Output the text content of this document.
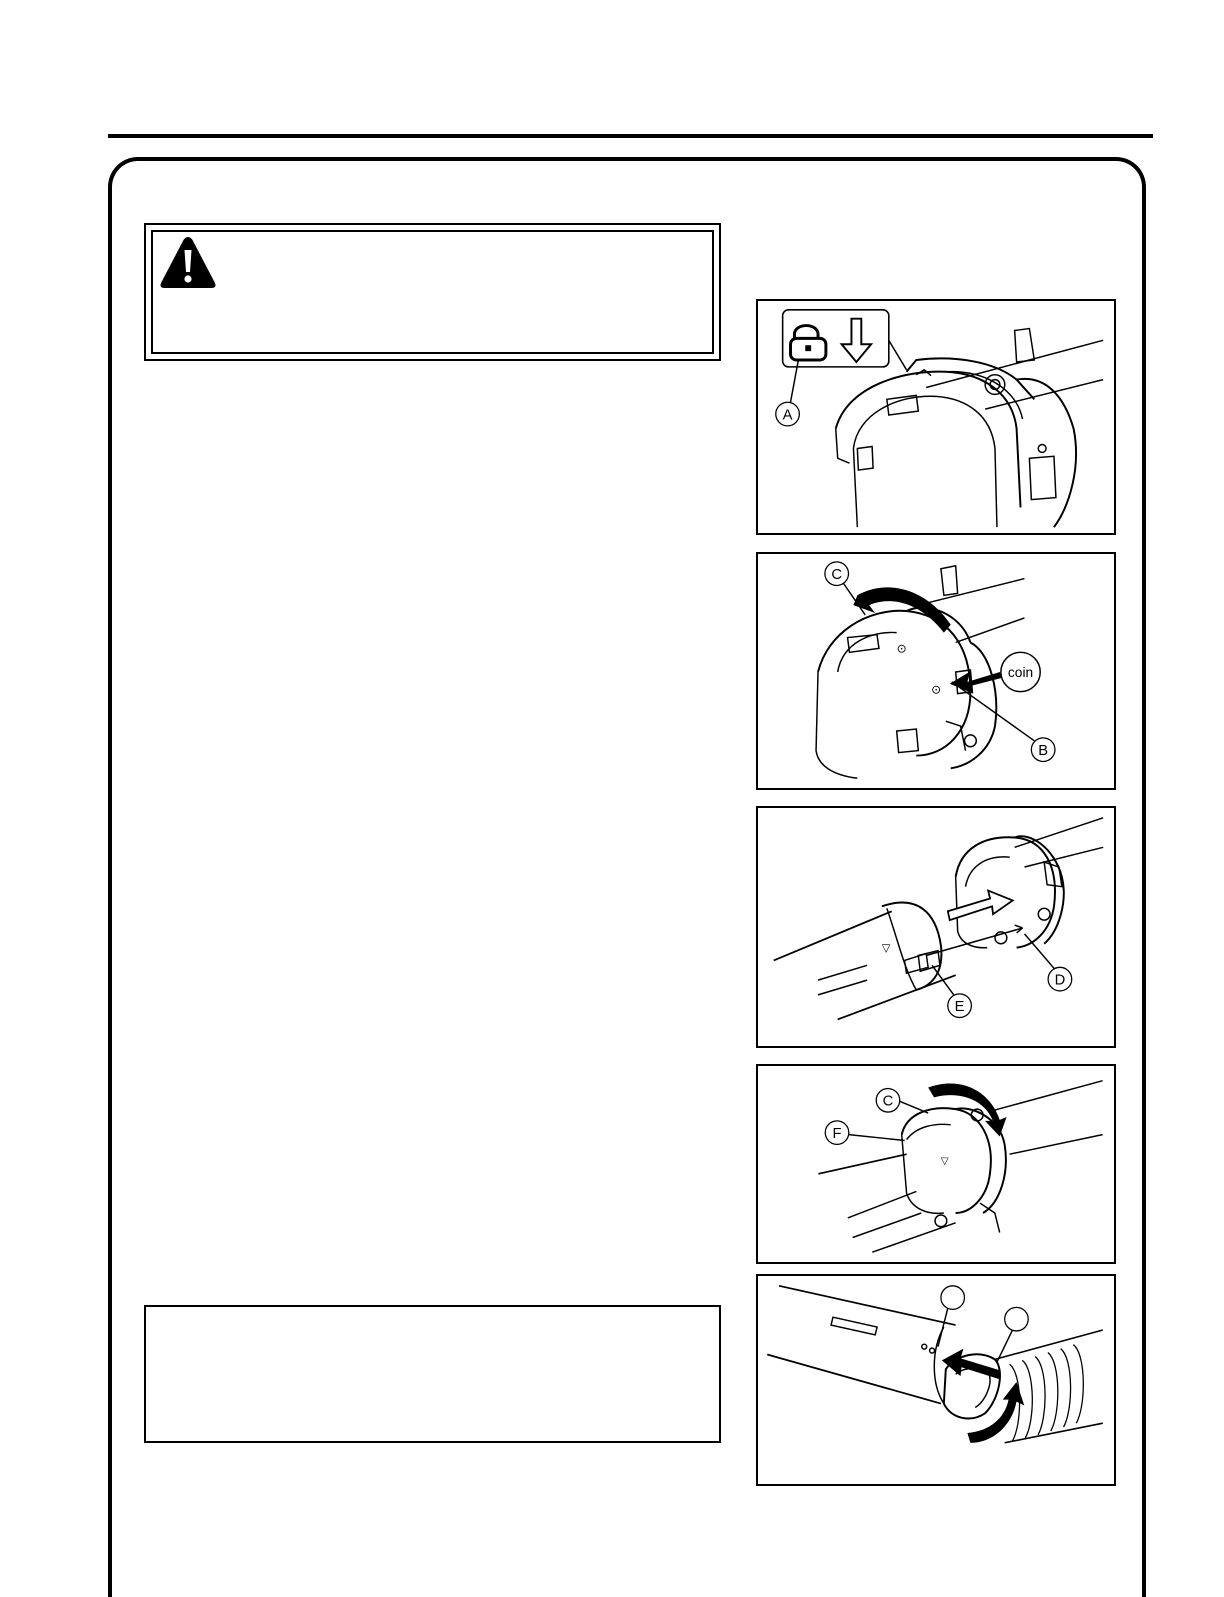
A
⊙
⊙
coin
C
B
▽
D
E
▽
C
F
